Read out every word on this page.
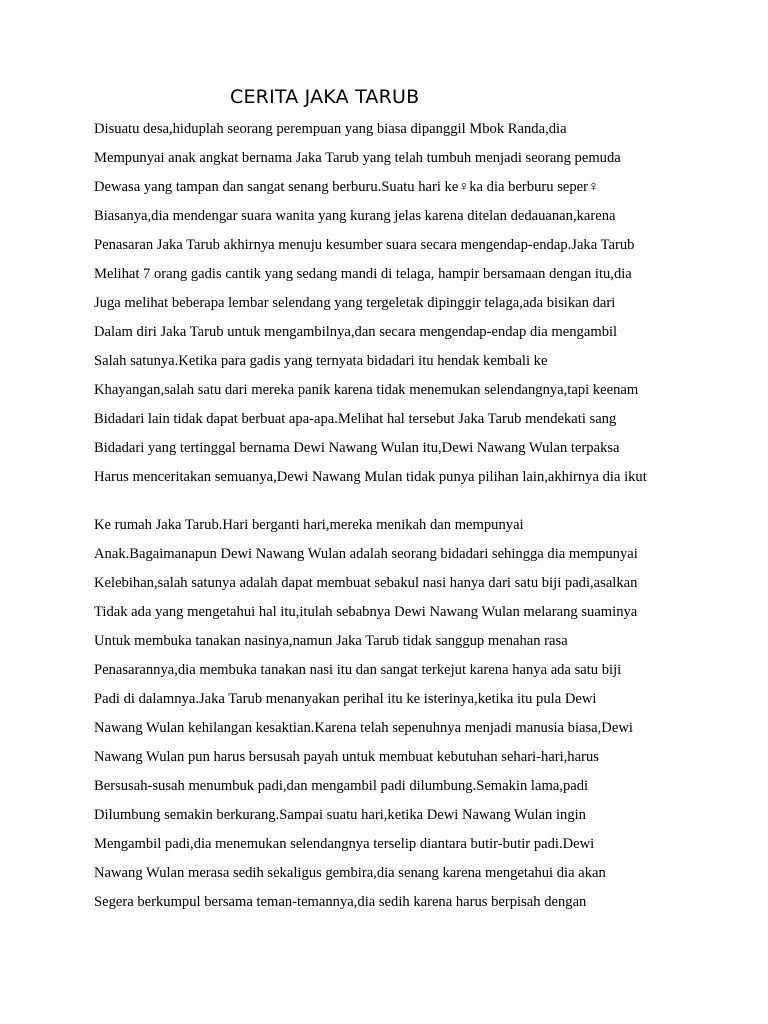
CERITA JAKA TARUB
Disuatu desa,hiduplah seorang perempuan yang biasa dipanggil Mbok Randa,dia
Mempunyai anak angkat bernama Jaka Tarub yang telah tumbuh menjadi seorang pemuda
Dewasa yang tampan dan sangat senang berburu.Suatu hari ke♀ka dia berburu seper♀
Biasanya,dia mendengar suara wanita yang kurang jelas karena ditelan dedauanan,karena
Penasaran Jaka Tarub akhirnya menuju kesumber suara secara mengendap-endap.Jaka Tarub
Melihat 7 orang gadis cantik yang sedang mandi di telaga, hampir bersamaan dengan itu,dia
Juga melihat beberapa lembar selendang yang tergeletak dipinggir telaga,ada bisikan dari
Dalam diri Jaka Tarub untuk mengambilnya,dan secara mengendap-endap dia mengambil
Salah satunya.Ketika para gadis yang ternyata bidadari itu hendak kembali ke
Khayangan,salah satu dari mereka panik karena tidak menemukan selendangnya,tapi keenam
Bidadari lain tidak dapat berbuat apa-apa.Melihat hal tersebut Jaka Tarub mendekati sang
Bidadari yang tertinggal bernama Dewi Nawang Wulan itu,Dewi Nawang Wulan terpaksa
Harus menceritakan semuanya,Dewi Nawang Mulan tidak punya pilihan lain,akhirnya dia ikut
Ke rumah Jaka Tarub.Hari berganti hari,mereka menikah dan mempunyai
Anak.Bagaimanapun Dewi Nawang Wulan adalah seorang bidadari sehingga dia mempunyai
Kelebihan,salah satunya adalah dapat membuat sebakul nasi hanya dari satu biji padi,asalkan
Tidak ada yang mengetahui hal itu,itulah sebabnya Dewi Nawang Wulan melarang suaminya
Untuk membuka tanakan nasinya,namun Jaka Tarub tidak sanggup menahan rasa
Penasarannya,dia membuka tanakan nasi itu dan sangat terkejut karena hanya ada satu biji
Padi di dalamnya.Jaka Tarub menanyakan perihal itu ke isterinya,ketika itu pula Dewi
Nawang Wulan kehilangan kesaktian.Karena telah sepenuhnya menjadi manusia biasa,Dewi
Nawang Wulan pun harus bersusah payah untuk membuat kebutuhan sehari-hari,harus
Bersusah-susah menumbuk padi,dan mengambil padi dilumbung.Semakin lama,padi
Dilumbung semakin berkurang.Sampai suatu hari,ketika Dewi Nawang Wulan ingin
Mengambil padi,dia menemukan selendangnya terselip diantara butir-butir padi.Dewi
Nawang Wulan merasa sedih sekaligus gembira,dia senang karena mengetahui dia akan
Segera berkumpul bersama teman-temannya,dia sedih karena harus berpisah dengan
